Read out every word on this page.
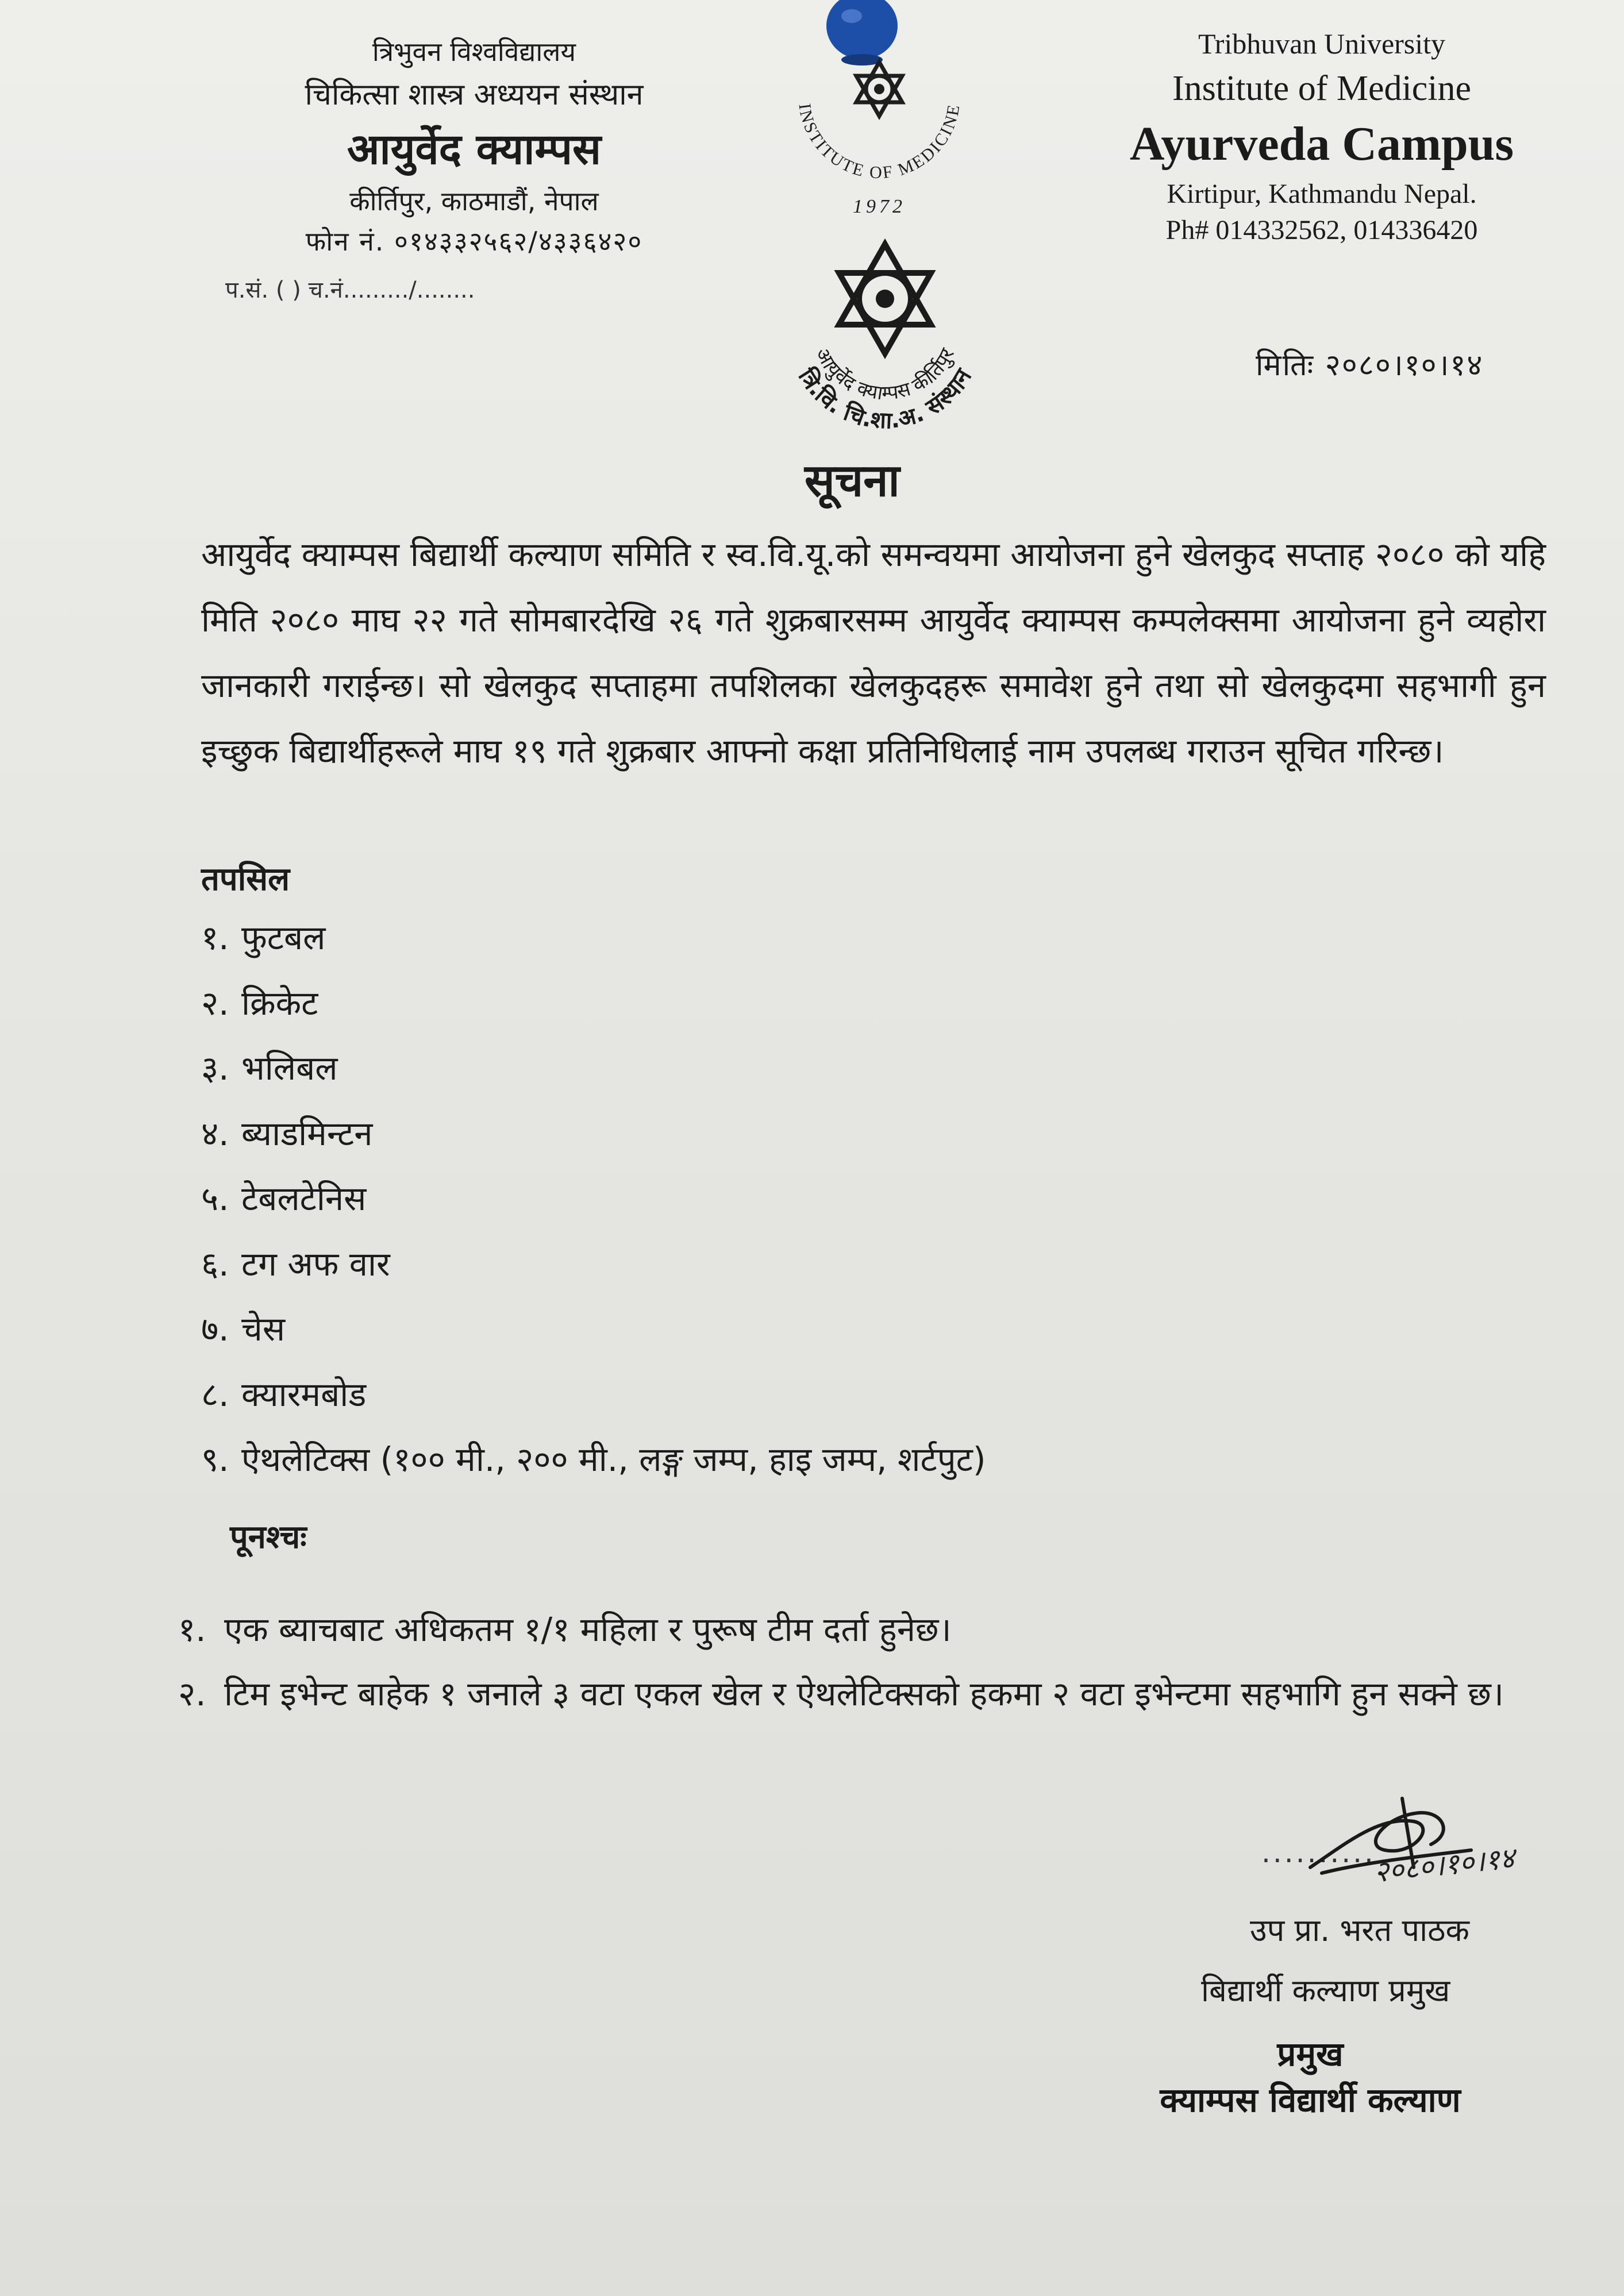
त्रिभुवन विश्वविद्यालय
चिकित्सा शास्त्र अध्ययन संस्थान
आयुर्वेद क्याम्पस
कीर्तिपुर, काठमाडौं, नेपाल
फोन नं. ०१४३३२५६२/४३३६४२०
प.सं. ( ) च.नं........./........
INSTITUTE OF MEDICINE
1972
Tribhuvan University
Institute of Medicine
Ayurveda Campus
Kirtipur, Kathmandu Nepal.
Ph# 014332562, 014336420
त्रि.वि. चि.शा.अ. संस्थान
आयुर्वेद क्याम्पस कीर्तिपुर	मितिः २०८०।१०।१४
सूचना
आयुर्वेद क्याम्पस बिद्यार्थी कल्याण समिति र स्व.वि.यू.को समन्वयमा आयोजना हुने खेलकुद सप्ताह २०८० को यहि मिति २०८० माघ २२ गते सोमबारदेखि २६ गते शुक्रबारसम्म आयुर्वेद क्याम्पस कम्पलेक्समा आयोजना हुने व्यहोरा जानकारी गराईन्छ। सो खेलकुद सप्ताहमा तपशिलका खेलकुदहरू समावेश हुने तथा सो खेलकुदमा सहभागी हुन इच्छुक बिद्यार्थीहरूले माघ १९ गते शुक्रबार आफ्नो कक्षा प्रतिनिधिलाई नाम उपलब्ध गराउन सूचित गरिन्छ।
तपसिल
१. फुटबल
२. क्रिकेट
३. भलिबल
४. ब्याडमिन्टन
५. टेबलटेनिस
६. टग अफ वार
७. चेस
८. क्यारमबोड
९. ऐथलेटिक्स (१०० मी., २०० मी., लङ्ग जम्प, हाइ जम्प, शर्टपुट)
पूनश्चः
१. एक ब्याचबाट अधिकतम १/१ महिला र पुरूष टीम दर्ता हुनेछ।
२. टिम इभेन्ट बाहेक १ जनाले ३ वटा एकल खेल र ऐथलेटिक्सको हकमा २ वटा इभेन्टमा सहभागि हुन सक्ने छ।
..........
२०८०।१०।१४
उप प्रा. भरत पाठक
बिद्यार्थी कल्याण प्रमुख
प्रमुख
क्याम्पस विद्यार्थी कल्याण
